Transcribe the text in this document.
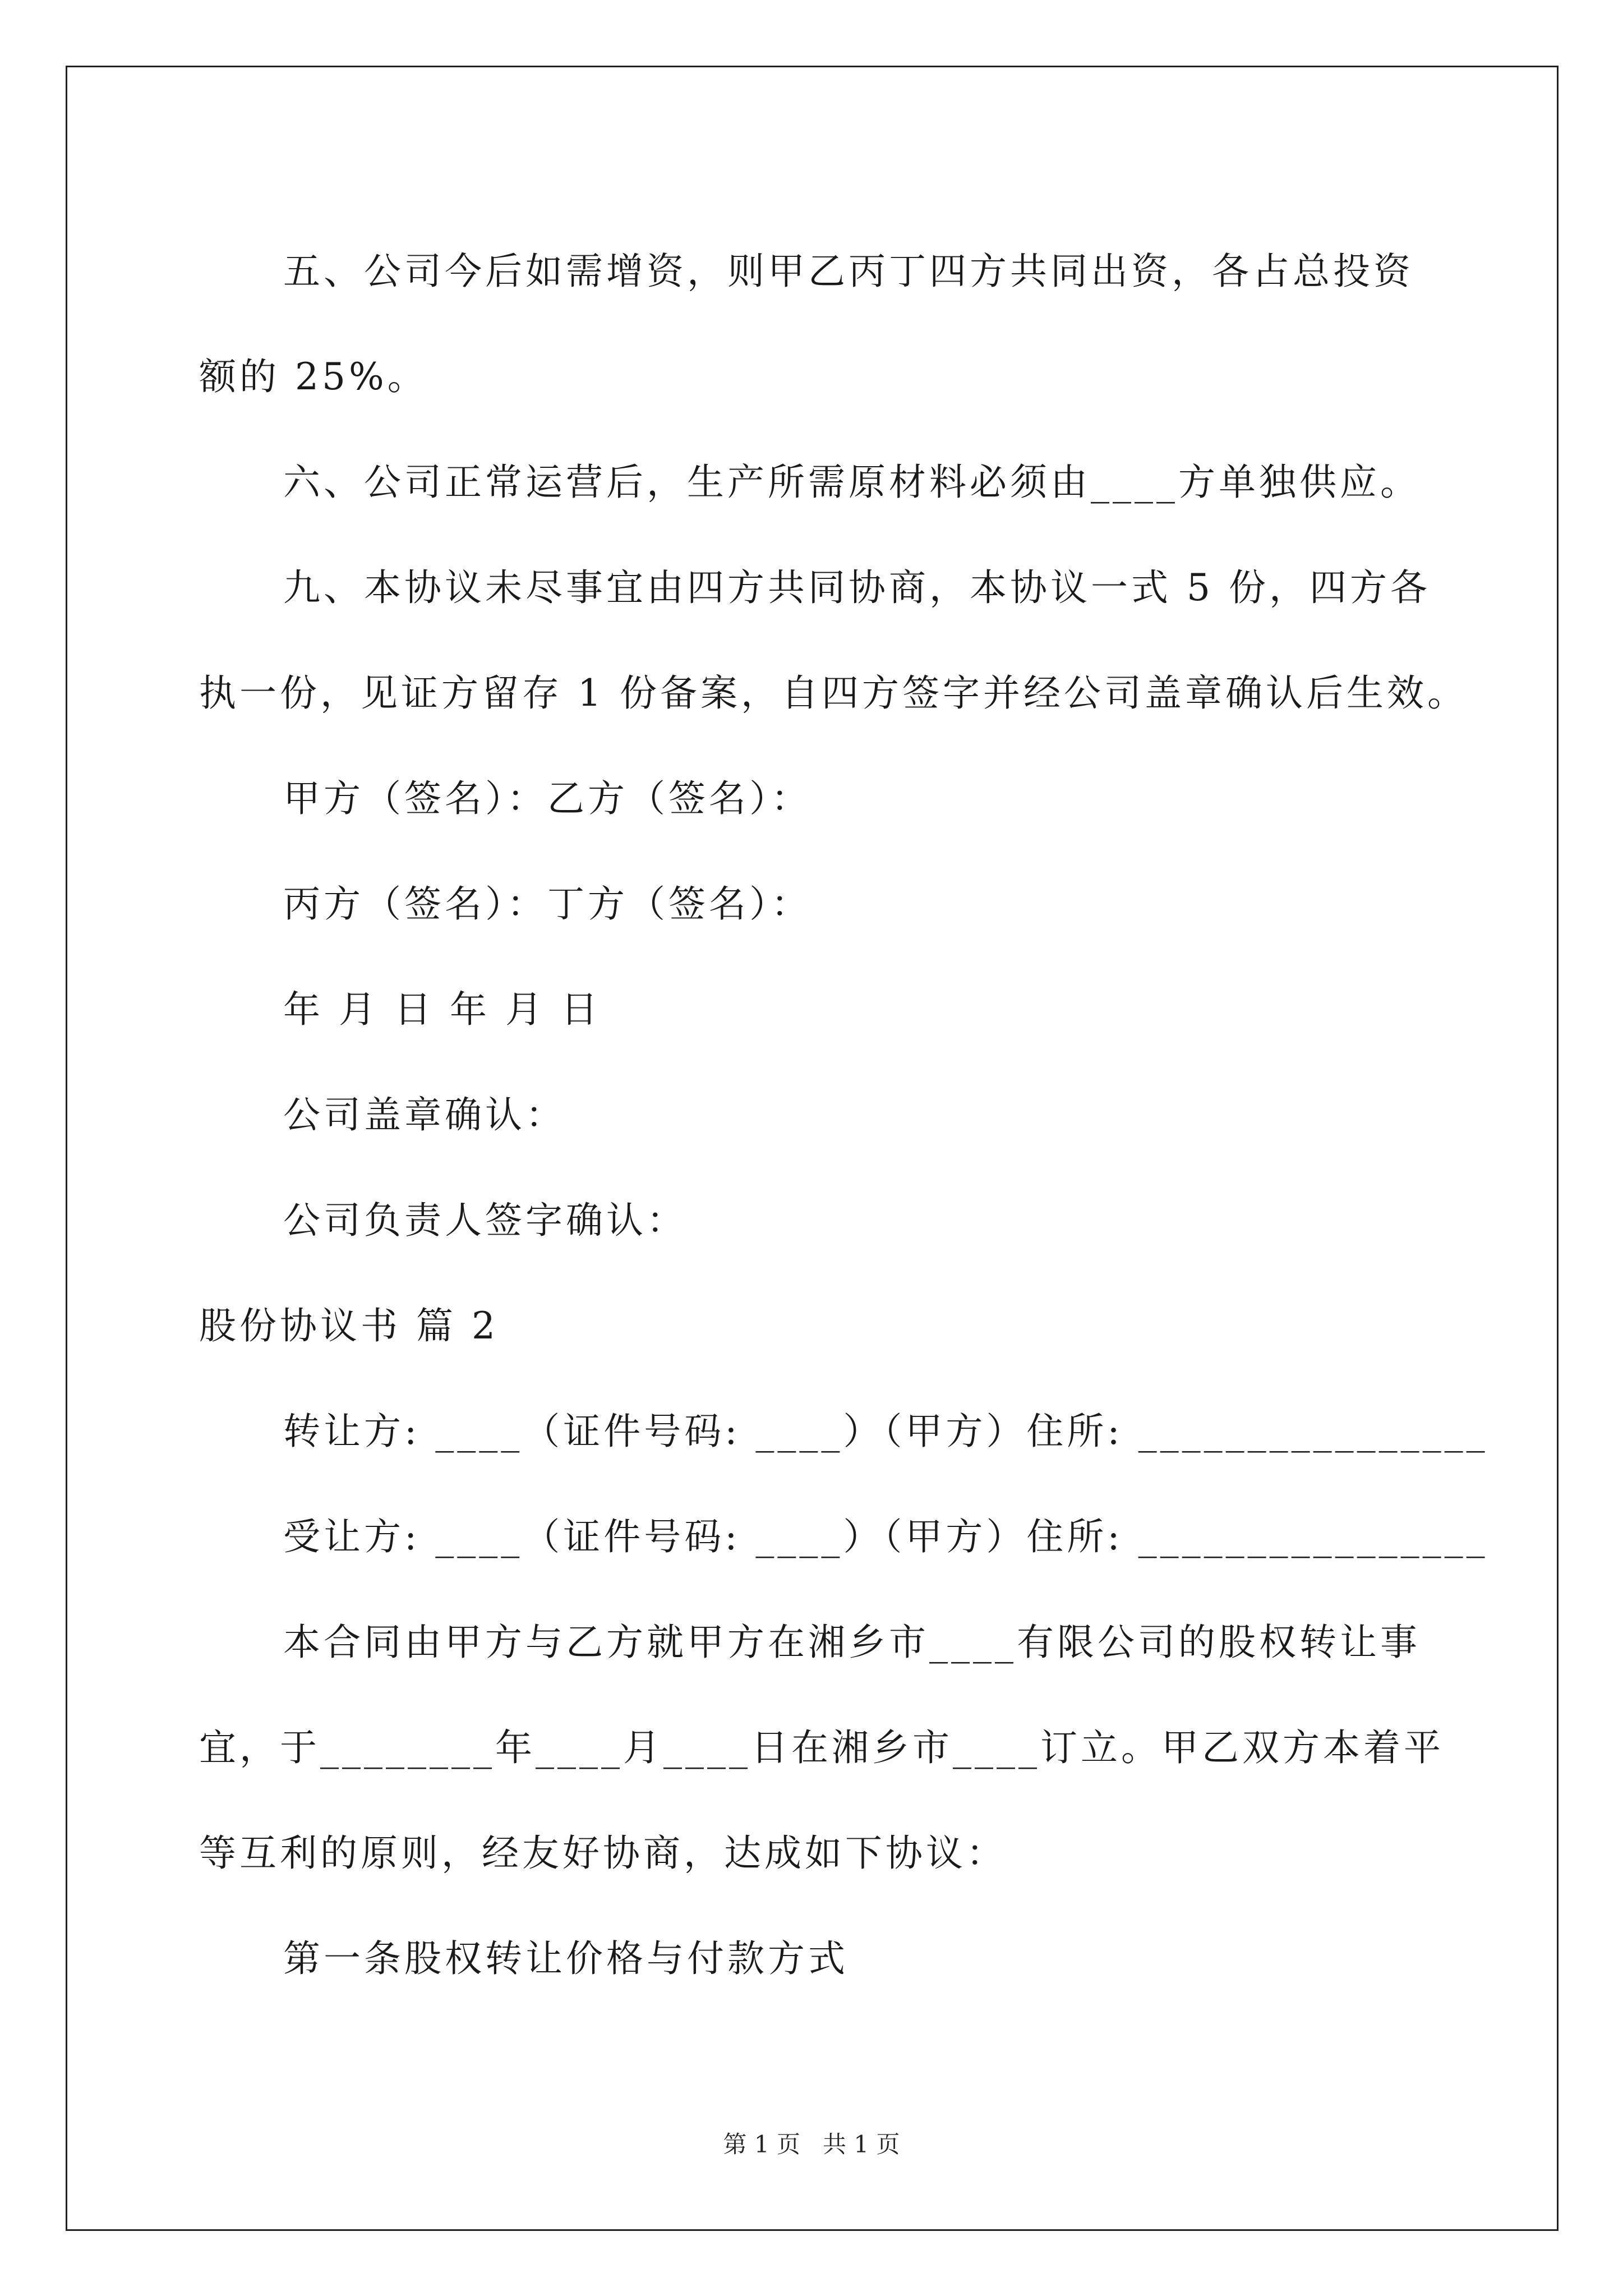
五、公司今后如需增资，则甲乙丙丁四方共同出资，各占总投资

额的 25%。

六、公司正常运营后，生产所需原材料必须由____方单独供应。

九、本协议未尽事宜由四方共同协商，本协议一式 5 份，四方各

执一份，见证方留存 1 份备案，自四方签字并经公司盖章确认后生效。

甲方（签名）：乙方（签名）：

丙方（签名）：丁方（签名）：

年 月 日 年 月 日

公司盖章确认：

公司负责人签字确认：

股份协议书 篇 2

转让方: ____（证件号码: ____）（甲方）住所: ________________

受让方: ____（证件号码: ____）（甲方）住所: ________________

本合同由甲方与乙方就甲方在湘乡市____有限公司的股权转让事

宜，于________年____月____日在湘乡市____订立。甲乙双方本着平

等互利的原则，经友好协商，达成如下协议：

第一条股权转让价格与付款方式

第 1 页   共 1 页
